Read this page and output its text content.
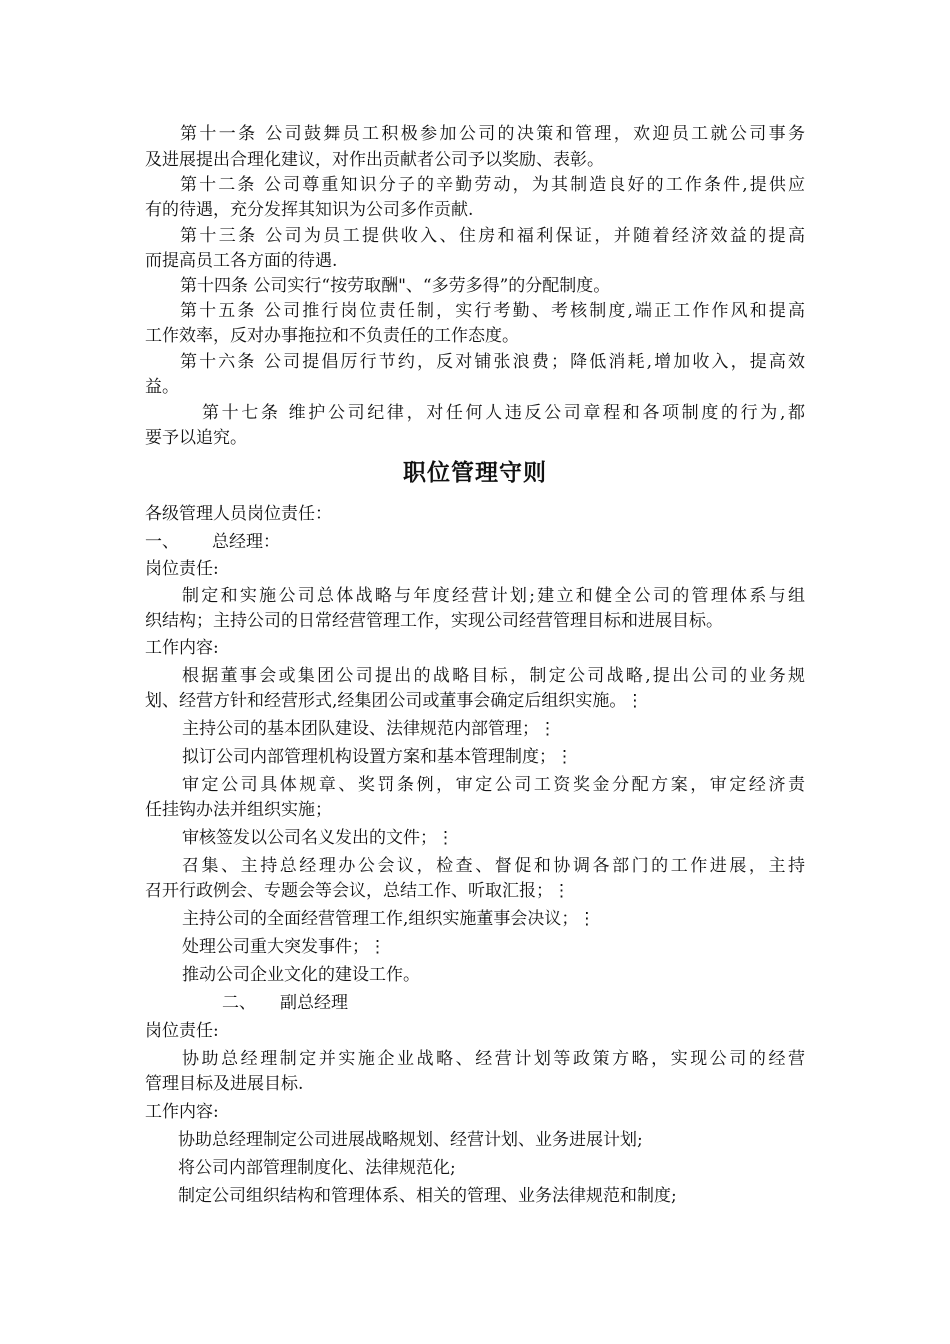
第十一条 公司鼓舞员工积极参加公司的决策和管理，欢迎员工就公司事务
及进展提出合理化建议，对作出贡献者公司予以奖励、表彰。
第十二条 公司尊重知识分子的辛勤劳动，为其制造良好的工作条件,提供应
有的待遇，充分发挥其知识为公司多作贡献.
第十三条 公司为员工提供收入、住房和福利保证，并随着经济效益的提高
而提高员工各方面的待遇.
第十四条 公司实行“按劳取酬"、“多劳多得”的分配制度。
第十五条 公司推行岗位责任制，实行考勤、考核制度,端正工作作风和提高
工作效率，反对办事拖拉和不负责任的工作态度。
第十六条 公司提倡厉行节约，反对铺张浪费；降低消耗,增加收入，提高效
益。
第十七条 维护公司纪律，对任何人违反公司章程和各项制度的行为,都
要予以追究。
职位管理守则
各级管理人员岗位责任：
一、 总经理：
岗位责任:
制定和实施公司总体战略与年度经营计划;建立和健全公司的管理体系与组
织结构；主持公司的日常经营管理工作，实现公司经营管理目标和进展目标。
工作内容:
根据董事会或集团公司提出的战略目标，制定公司战略,提出公司的业务规
划、经营方针和经营形式,经集团公司或董事会确定后组织实施。⋮
主持公司的基本团队建设、法律规范内部管理；⋮
拟订公司内部管理机构设置方案和基本管理制度；⋮
审定公司具体规章、奖罚条例，审定公司工资奖金分配方案，审定经济责
任挂钩办法并组织实施；
审核签发以公司名义发出的文件；⋮
召集、主持总经理办公会议，检查、督促和协调各部门的工作进展，主持
召开行政例会、专题会等会议，总结工作、听取汇报；⋮
主持公司的全面经营管理工作,组织实施董事会决议；⋮
处理公司重大突发事件；⋮
推动公司企业文化的建设工作。
二、 副总经理
岗位责任:
协助总经理制定并实施企业战略、经营计划等政策方略，实现公司的经营
管理目标及进展目标.
工作内容:
协助总经理制定公司进展战略规划、经营计划、业务进展计划;
将公司内部管理制度化、法律规范化;
制定公司组织结构和管理体系、相关的管理、业务法律规范和制度;
